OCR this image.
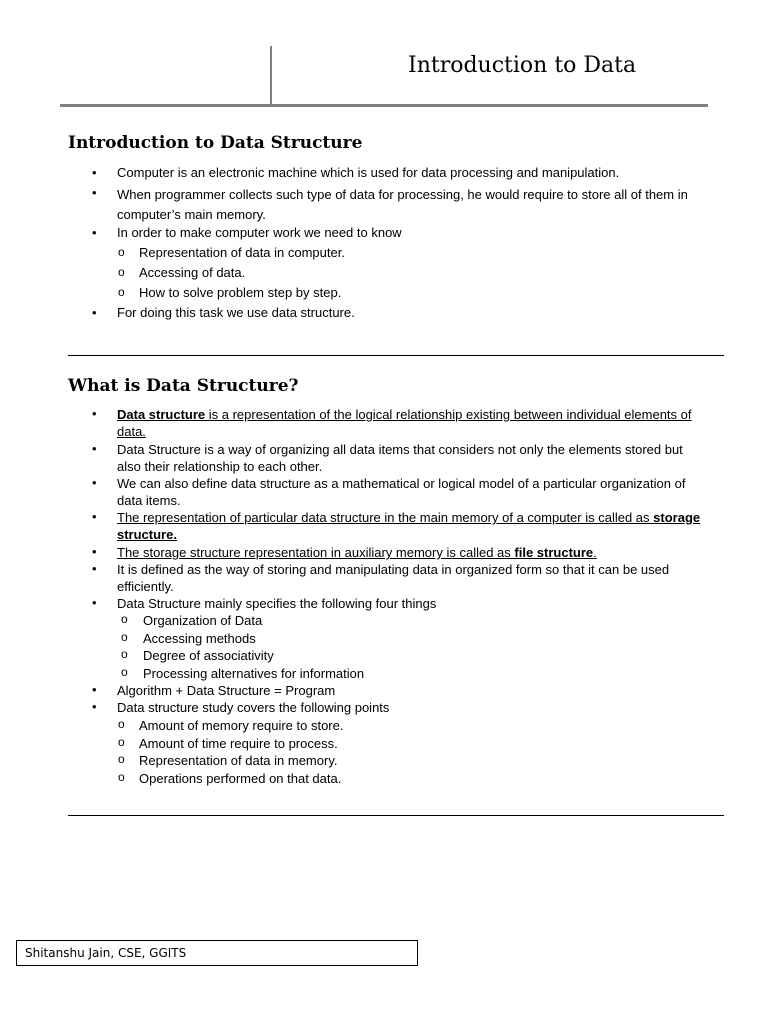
Introduction to Data
Introduction to Data Structure
• Computer is an electronic machine which is used for data processing and manipulation.
• When programmer collects such type of data for processing, he would require to store all of them in computer’s main memory.
• In order to make computer work we need to know
o Representation of data in computer.
o Accessing of data.
o How to solve problem step by step.
• For doing this task we use data structure.
What is Data Structure?
• Data structure is a representation of the logical relationship existing between individual elements of data.
• Data Structure is a way of organizing all data items that considers not only the elements stored but also their relationship to each other.
• We can also define data structure as a mathematical or logical model of a particular organization of data items.
• The representation of particular data structure in the main memory of a computer is called as storage structure.
• The storage structure representation in auxiliary memory is called as file structure.
• It is defined as the way of storing and manipulating data in organized form so that it can be used efficiently.
• Data Structure mainly specifies the following four things
o Organization of Data
o Accessing methods
o Degree of associativity
o Processing alternatives for information
• Algorithm + Data Structure = Program
• Data structure study covers the following points
o Amount of memory require to store.
o Amount of time require to process.
o Representation of data in memory.
o Operations performed on that data.
Shitanshu Jain, CSE, GGITS
